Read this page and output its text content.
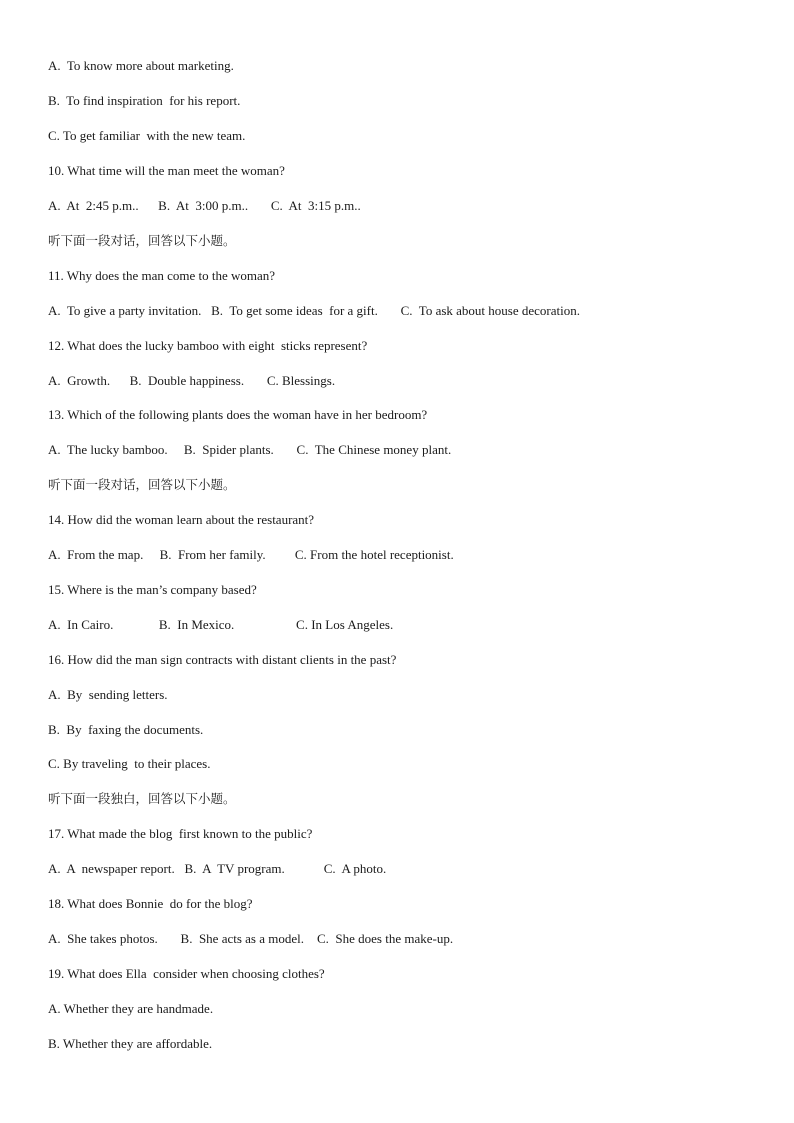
A.  To know more about marketing.

B.  To find inspiration  for his report.

C. To get familiar  with the new team.

10. What time will the man meet the woman?

A.  At  2:45 p.m..      B.  At  3:00 p.m..       C.  At  3:15 p.m..

听下面一段对话，回答以下小题。

11. Why does the man come to the woman?

A.  To give a party invitation.   B.  To get some ideas  for a gift.       C.  To ask about house decoration.

12. What does the lucky bamboo with eight  sticks represent?

A.  Growth.      B.  Double happiness.       C. Blessings.

13. Which of the following plants does the woman have in her bedroom?

A.  The lucky bamboo.     B.  Spider plants.       C.  The Chinese money plant.

听下面一段对话，回答以下小题。

14. How did the woman learn about the restaurant?

A.  From the map.     B.  From her family.         C. From the hotel receptionist.

15. Where is the man’s company based?

A.  In Cairo.              B.  In Mexico.                   C. In Los Angeles.

16. How did the man sign contracts with distant clients in the past?

A.  By  sending letters.

B.  By  faxing the documents.

C. By traveling  to their places.

听下面一段独白，回答以下小题。

17. What made the blog  first known to the public?

A.  A  newspaper report.   B.  A  TV program.            C.  A photo.

18. What does Bonnie  do for the blog?

A.  She takes photos.       B.  She acts as a model.    C.  She does the make-up.

19. What does Ella  consider when choosing clothes?

A. Whether they are handmade.

B. Whether they are affordable.
